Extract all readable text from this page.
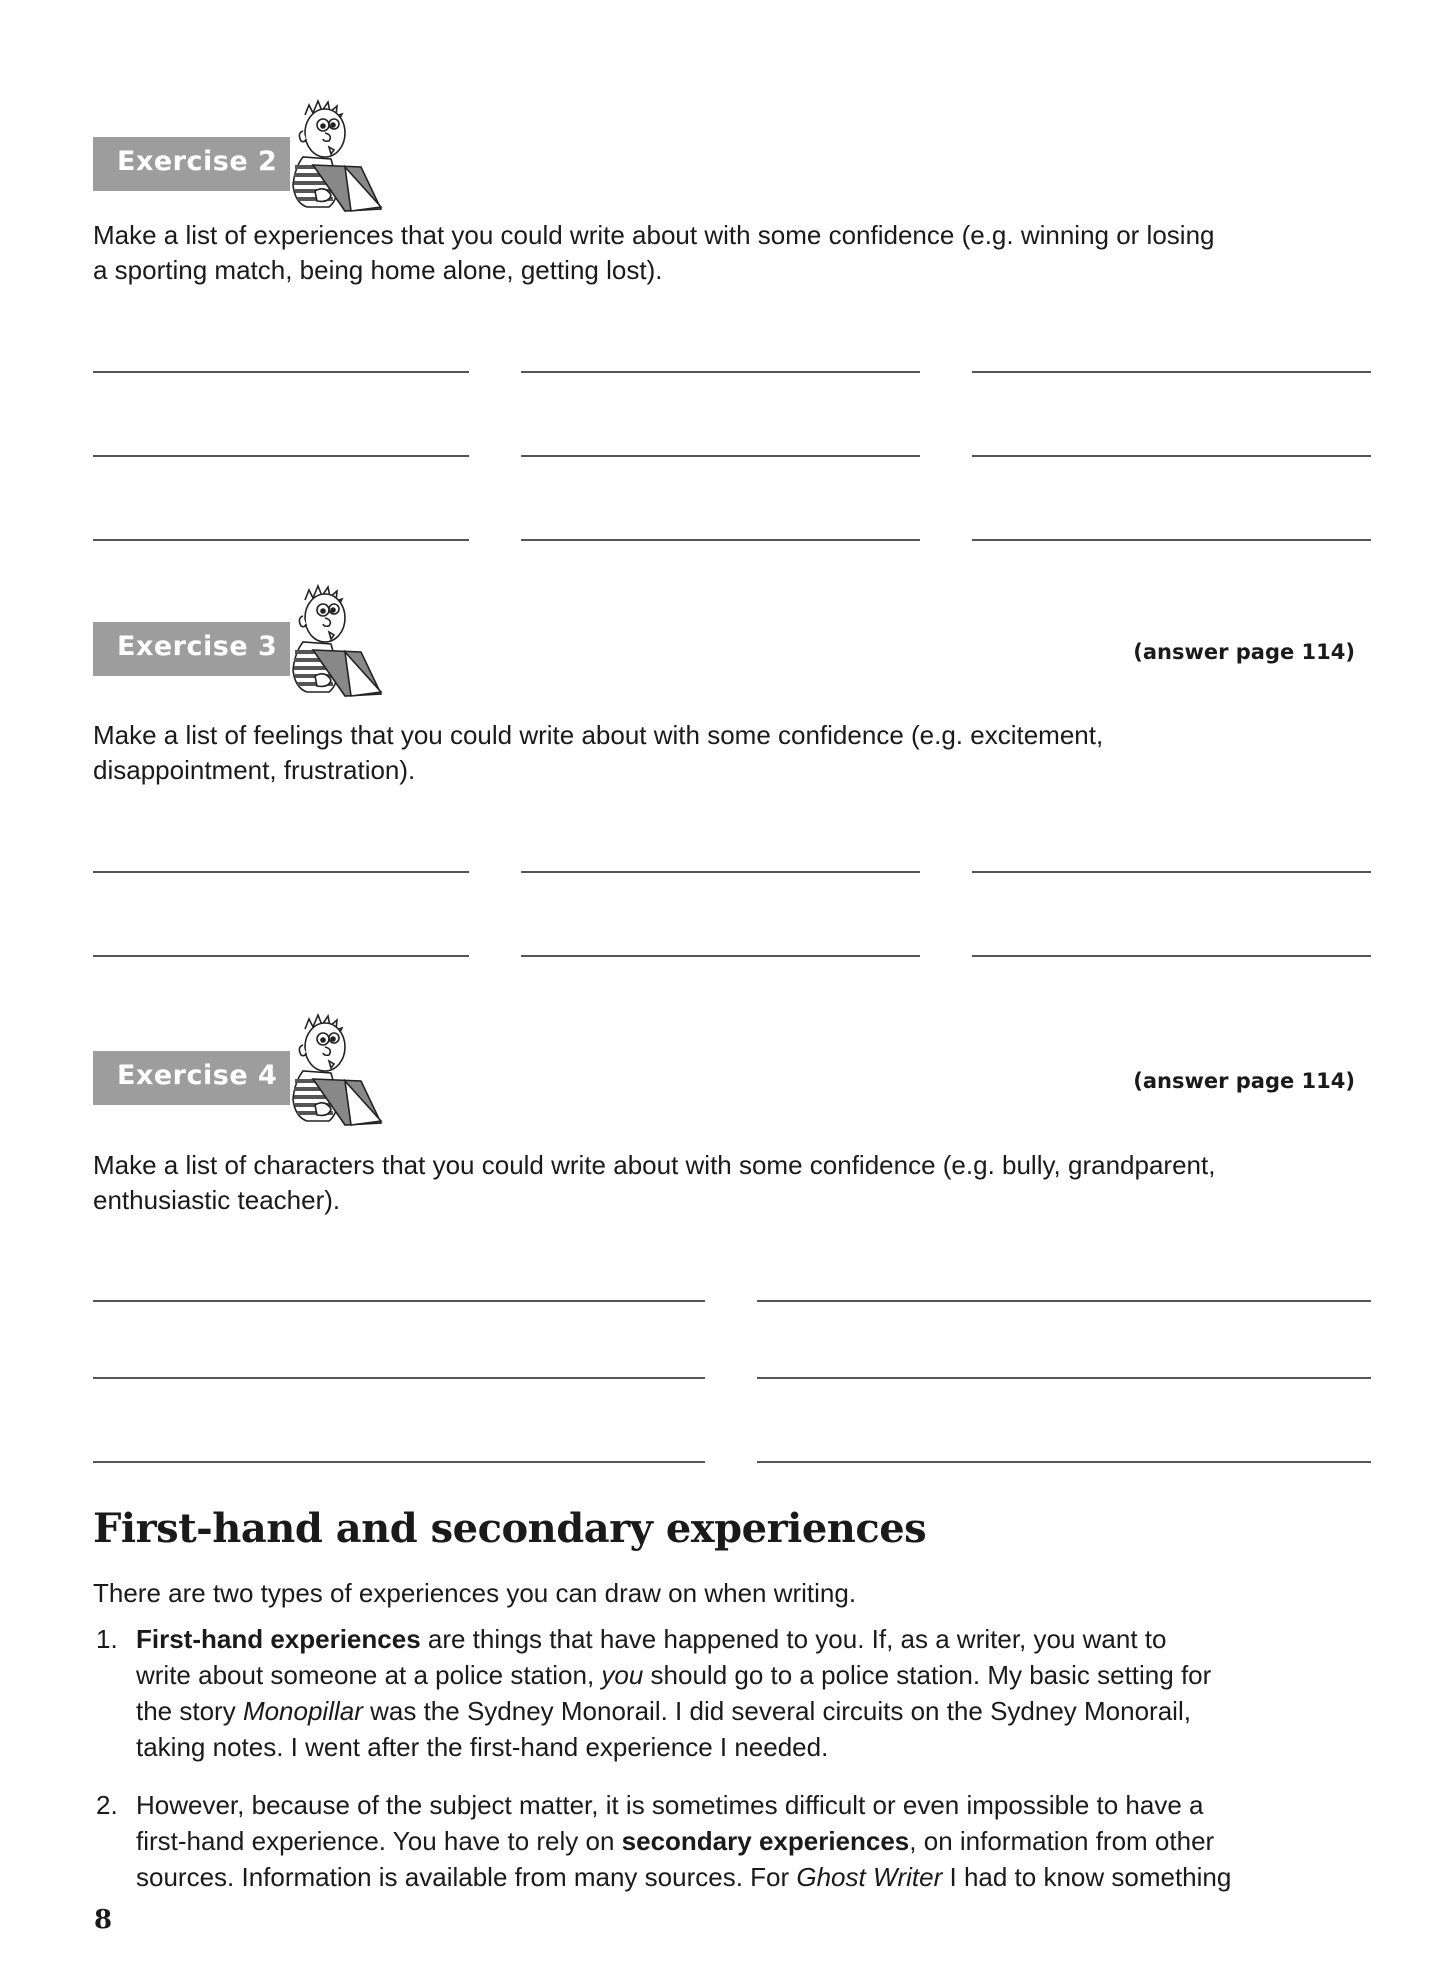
Exercise 2
Make a list of experiences that you could write about with some confidence (e.g. winning or losing
a sporting match, being home alone, getting lost).
Exercise 3	(answer page 114)
Make a list of feelings that you could write about with some confidence (e.g. excitement,
disappointment, frustration).
Exercise 4	(answer page 114)
Make a list of characters that you could write about with some confidence (e.g. bully, grandparent,
enthusiastic teacher).
First-hand and secondary experiences
There are two types of experiences you can draw on when writing.
1. First-hand experiences are things that have happened to you. If, as a writer, you want to
write about someone at a police station, you should go to a police station. My basic setting for
the story Monopillar was the Sydney Monorail. I did several circuits on the Sydney Monorail,
taking notes. I went after the first-hand experience I needed.
2. However, because of the subject matter, it is sometimes difficult or even impossible to have a
first-hand experience. You have to rely on secondary experiences, on information from other
sources. Information is available from many sources. For Ghost Writer I had to know something
8
